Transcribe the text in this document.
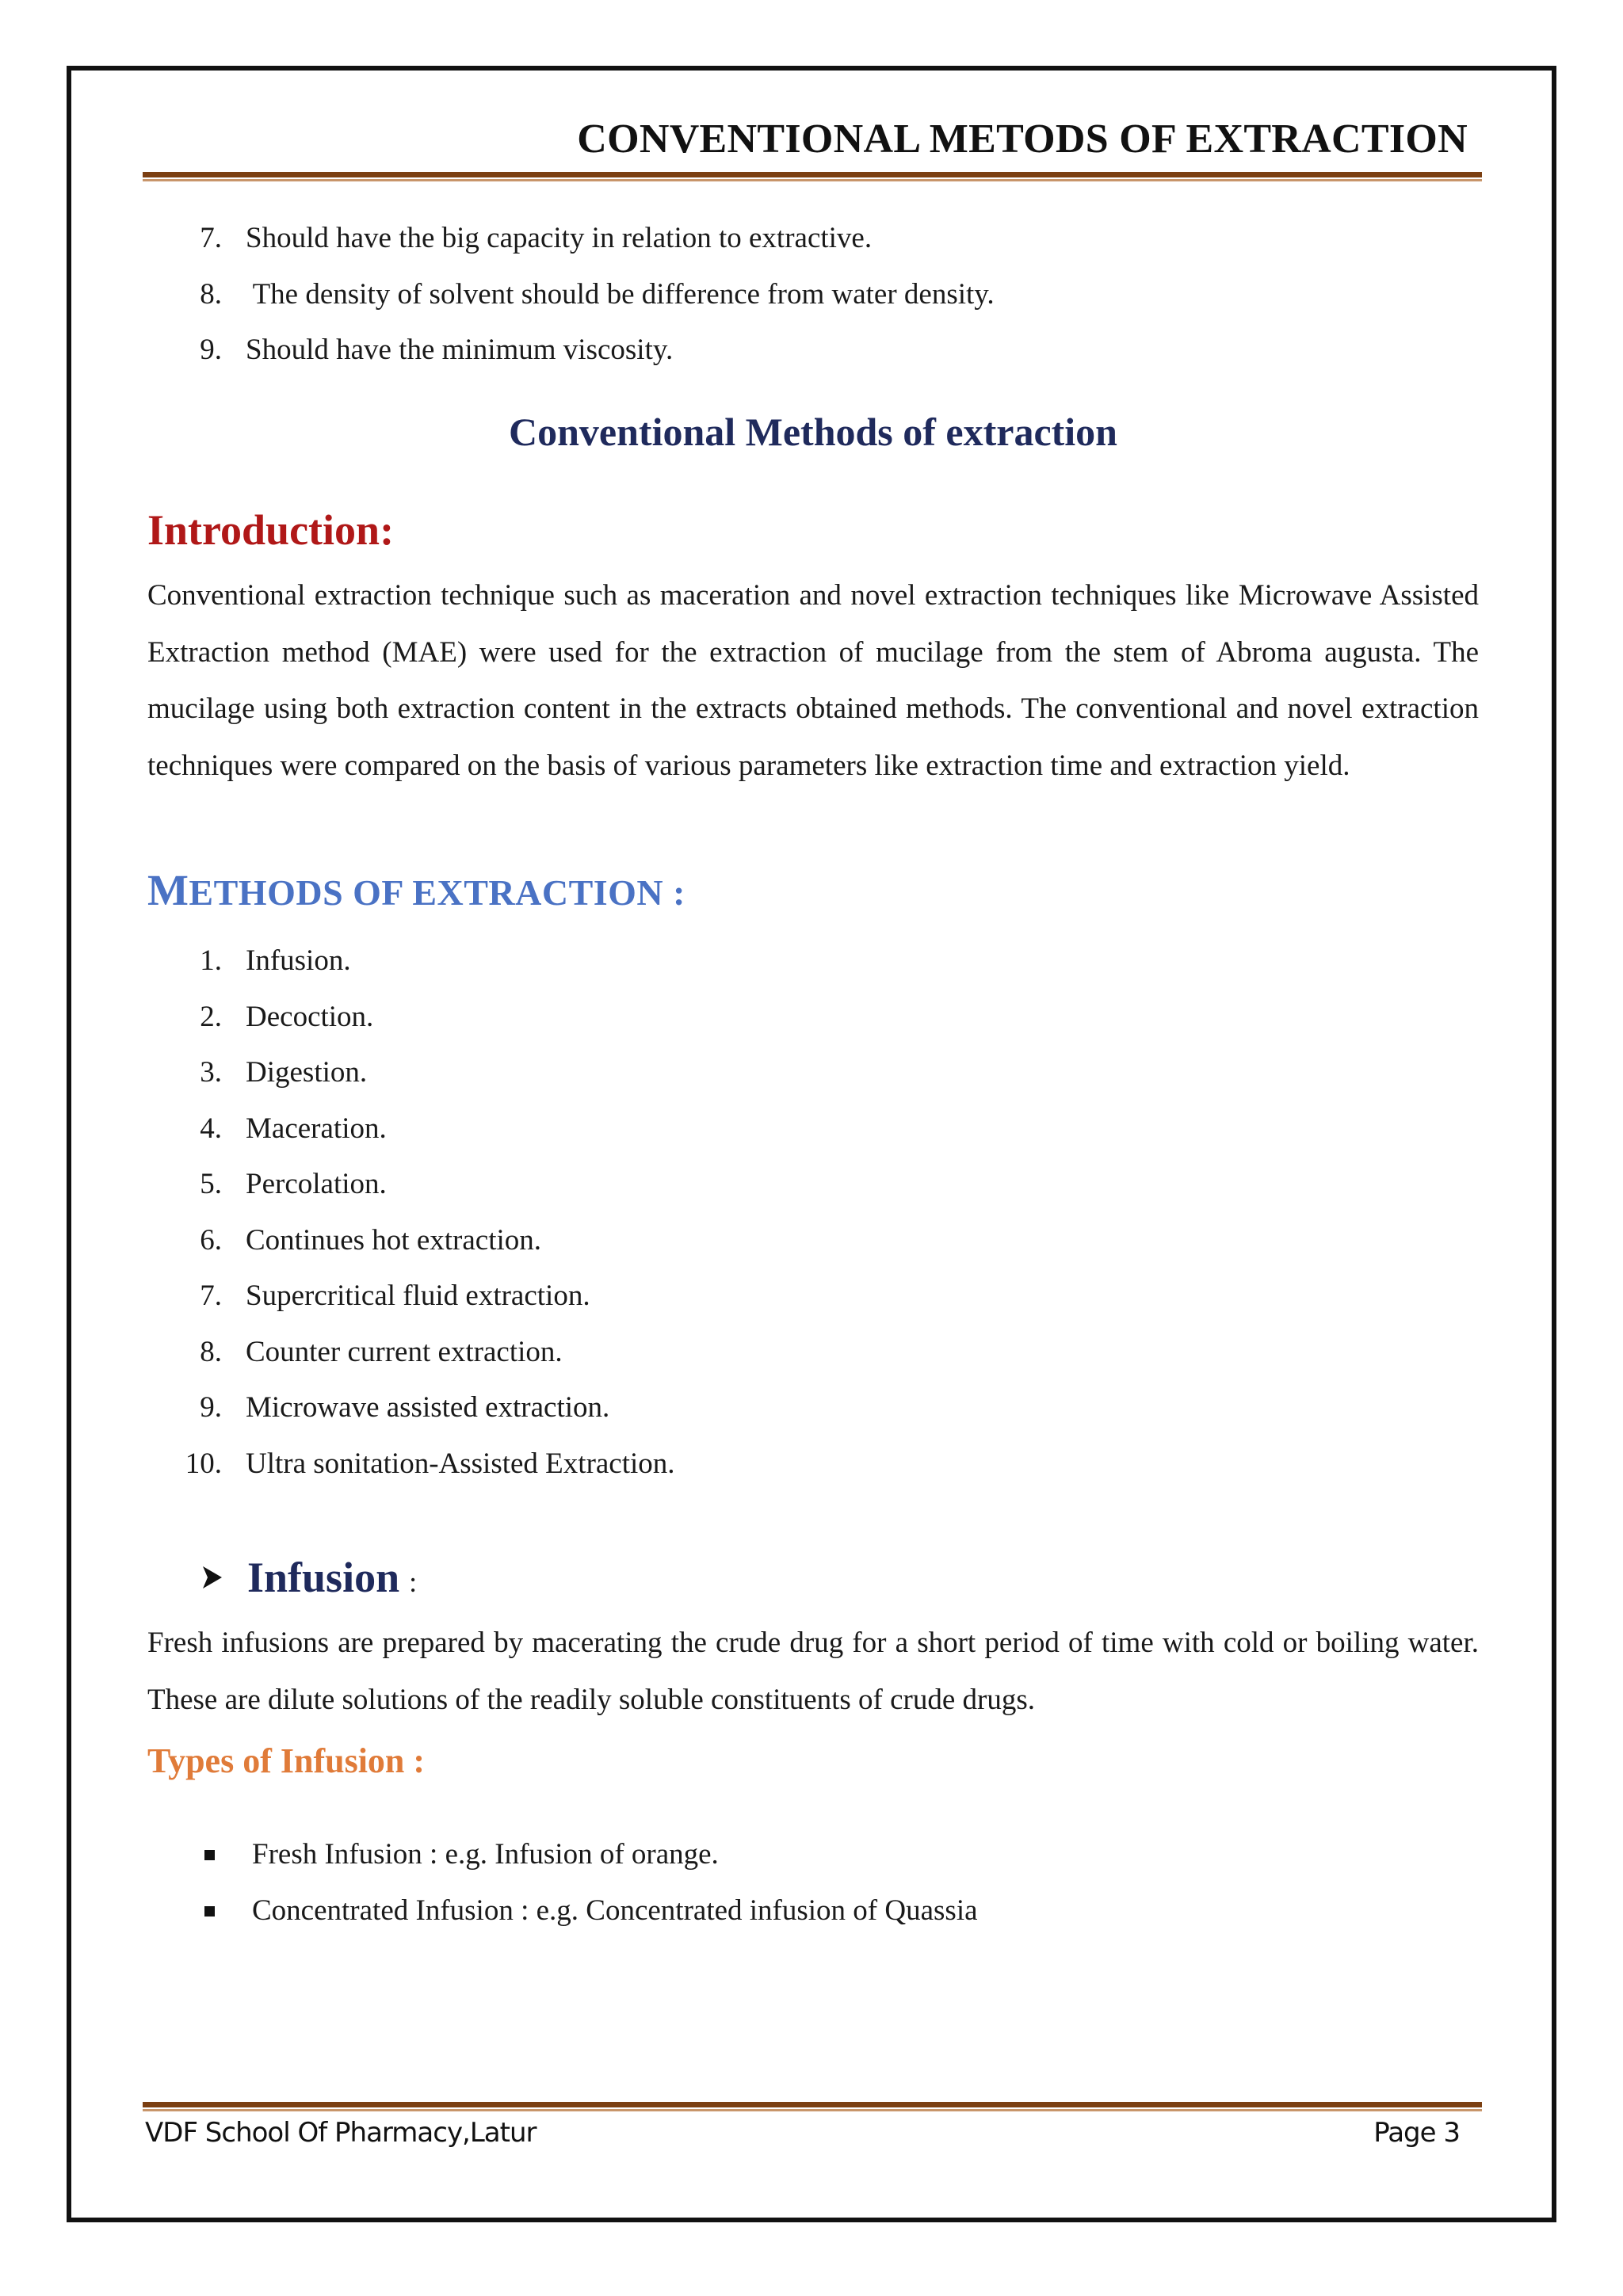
CONVENTIONAL METODS OF EXTRACTION
7. Should have the big capacity in relation to extractive.
8. The density of solvent should be difference from water density.
9. Should have the minimum viscosity.
Conventional Methods of extraction
Introduction:

Conventional extraction technique such as maceration and novel extraction techniques like Microwave Assisted Extraction method (MAE) were used for the extraction of mucilage from the stem of Abroma augusta. The mucilage using both extraction content in the extracts obtained methods. The conventional and novel extraction techniques were compared on the basis of various parameters like extraction time and extraction yield.

METHODS OF EXTRACTION :
1. Infusion.
2. Decoction.
3. Digestion.
4. Maceration.
5. Percolation.
6. Continues hot extraction.
7. Supercritical fluid extraction.
8. Counter current extraction.
9. Microwave assisted extraction.
10. Ultra sonitation-Assisted Extraction.
Infusion :

Fresh infusions are prepared by macerating the crude drug for a short period of time with cold or boiling water. These are dilute solutions of the readily soluble constituents of crude drugs.

Types of Infusion :
Fresh Infusion : e.g. Infusion of orange.
Concentrated Infusion : e.g. Concentrated infusion of Quassia

VDF School Of Pharmacy,Latur	Page 3
